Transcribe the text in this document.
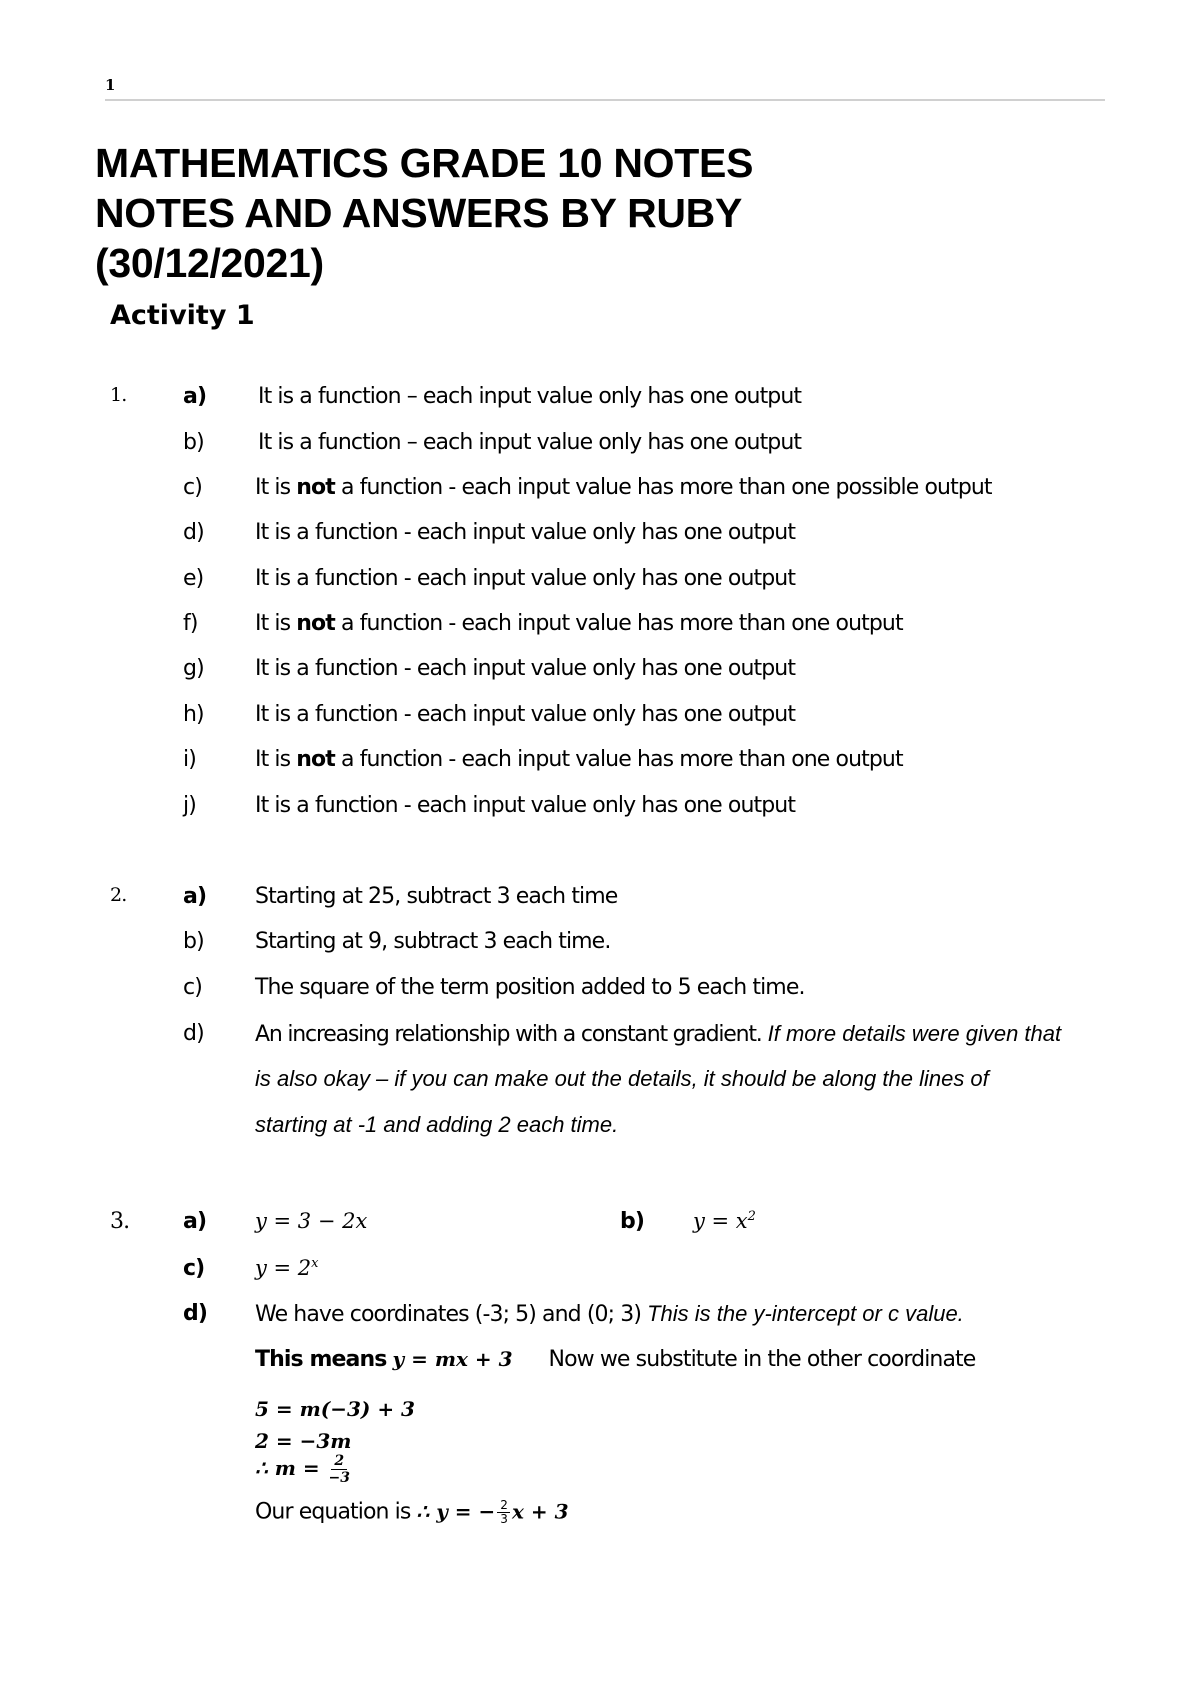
1
MATHEMATICS GRADE 10 NOTES
NOTES AND ANSWERS BY RUBY
(30/12/2021)
Activity 1
1.	a) It is a function – each input value only has one output
b) It is a function – each input value only has one output
c) It is not a function - each input value has more than one possible output
d) It is a function - each input value only has one output
e) It is a function - each input value only has one output
f)	It is not a function - each input value has more than one output
g) It is a function - each input value only has one output
h) It is a function - each input value only has one output
i)	It is not a function - each input value has more than one output
j)	It is a function - each input value only has one output
2.	a) Starting at 25, subtract 3 each time
b) Starting at 9, subtract 3 each time.
c) The square of the term position added to 5 each time.
d) An increasing relationship with a constant gradient. If more details were given that
is also okay – if you can make out the details, it should be along the lines of
starting at -1 and adding 2 each time.
3. a) y = 3 − 2x	b) $y = x^2$
c) $y = 2^x$
d) We have coordinates (-3; 5) and (0; 3) This is the y-intercept or c value.
This means y = mx + 3 Now we substitute in the other coordinate
5 = m(−3) + 3
2 = −3m
∴ $m = \frac{2}{-3}$
Our equation is ∴ y = − $\frac{2}{3}$ x + 3
